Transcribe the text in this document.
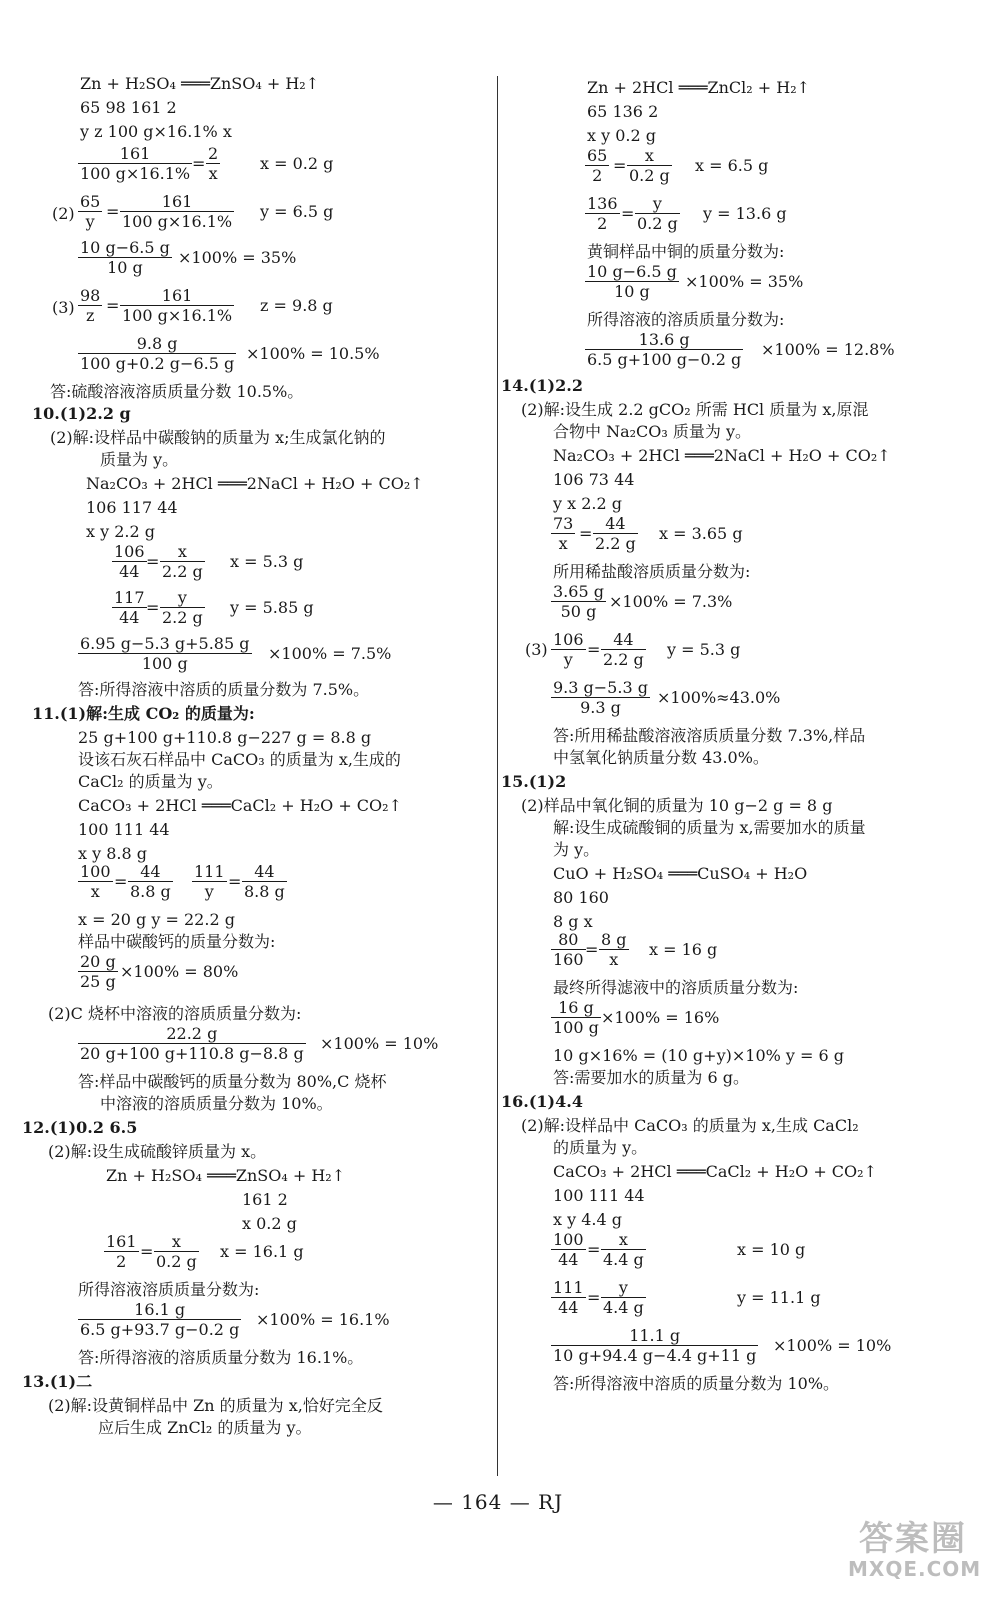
Zn + H₂SO₄ ═══ZnSO₄ + H₂↑
65 98 161 2
y z 100 g×16.1% x
$\frac{161}{100 g\times 16.1\%} = \frac{2}{x}$ x = 0.2 g
$(2) \frac{65}{y} = \frac{161}{100 g\times 16.1\%}$ y = 6.5 g
$\frac{10 g-6.5 g}{10 g} \times 100\% = 35\%$
$(3) \frac{98}{z} = \frac{161}{100 g\times 16.1\%}$ z = 9.8 g
$\frac{9.8 g}{100 g+0.2 g-6.5 g} \times 100\% = 10.5\%$
答:硫酸溶液溶质质量分数 10.5%。
10.(1)2.2 g
(2)解:设样品中碳酸钠的质量为 x;生成氯化钠的
质量为 y。
Na₂CO₃ + 2HCl ═══2NaCl + H₂O + CO₂↑
106 117 44
x y 2.2 g
$\frac{106}{44} = \frac{x}{2.2 g}$ x = 5.3 g
$\frac{117}{44} = \frac{y}{2.2 g}$ y = 5.85 g
$\frac{6.95 g-5.3 g+5.85 g}{100 g} \times 100\% = 7.5\%$
答:所得溶液中溶质的质量分数为 7.5%。
11.(1)解:生成 CO₂ 的质量为:
25 g+100 g+110.8 g−227 g = 8.8 g
设该石灰石样品中 CaCO₃ 的质量为 x,生成的
CaCl₂ 的质量为 y。
CaCO₃ + 2HCl ═══CaCl₂ + H₂O + CO₂↑
100 111 44
x y 8.8 g
$\frac{100}{x} = \frac{44}{8.8 g} \frac{111}{y} = \frac{44}{8.8 g}$
x = 20 g y = 22.2 g
样品中碳酸钙的质量分数为:
$\frac{20 g}{25 g} \times 100\% = 80\%$
(2)C 烧杯中溶液的溶质质量分数为:
$\frac{22.2 g}{20 g+100 g+110.8 g-8.8 g} \times 100\% = 10\%$
答:样品中碳酸钙的质量分数为 80%,C 烧杯
中溶液的溶质质量分数为 10%。
12.(1)0.2 6.5
(2)解:设生成硫酸锌质量为 x。
Zn + H₂SO₄ ═══ZnSO₄ + H₂↑
161 2
x 0.2 g
$\frac{161}{2} = \frac{x}{0.2 g}$ x = 16.1 g
所得溶液溶质质量分数为:
$\frac{16.1 g}{6.5 g+93.7 g-0.2 g} \times 100\% = 16.1\%$
答:所得溶液的溶质质量分数为 16.1%。
13.(1)二
(2)解:设黄铜样品中 Zn 的质量为 x,恰好完全反
应后生成 ZnCl₂ 的质量为 y。
Zn + 2HCl ═══ZnCl₂ + H₂↑
65 136 2
x y 0.2 g
$\frac{65}{2} = \frac{x}{0.2 g}$ x = 6.5 g
$\frac{136}{2} = \frac{y}{0.2 g}$ y = 13.6 g
黄铜样品中铜的质量分数为:
$\frac{10 g-6.5 g}{10 g} \times 100\% = 35\%$
所得溶液的溶质质量分数为:
$\frac{13.6 g}{6.5 g+100 g-0.2 g} \times 100\% = 12.8\%$
14.(1)2.2
(2)解:设生成 2.2 gCO₂ 所需 HCl 质量为 x,原混
合物中 Na₂CO₃ 质量为 y。
Na₂CO₃ + 2HCl ═══2NaCl + H₂O + CO₂↑
106 73 44
y x 2.2 g
$\frac{73}{x} = \frac{44}{2.2 g}$ x = 3.65 g
所用稀盐酸溶质质量分数为:
$\frac{3.65 g}{50 g} \times 100\% = 7.3\%$
$(3) \frac{106}{y} = \frac{44}{2.2 g}$ y = 5.3 g
$\frac{9.3 g-5.3 g}{9.3 g} \times 100\%\approx 43.0\%$
答:所用稀盐酸溶液溶质质量分数 7.3%,样品
中氢氧化钠质量分数 43.0%。
15.(1)2
(2)样品中氧化铜的质量为 10 g−2 g = 8 g
解:设生成硫酸铜的质量为 x,需要加水的质量
为 y。
CuO + H₂SO₄ ═══CuSO₄ + H₂O
80 160
8 g x
$\frac{80}{160} = \frac{8 g}{x}$ x = 16 g
最终所得滤液中的溶质质量分数为:
$\frac{16 g}{100 g} \times 100\% = 16\%$
10 g×16% = (10 g+y)×10% y = 6 g
答:需要加水的质量为 6 g。
16.(1)4.4
(2)解:设样品中 CaCO₃ 的质量为 x,生成 CaCl₂
的质量为 y。
CaCO₃ + 2HCl ═══CaCl₂ + H₂O + CO₂↑
100 111 44
x y 4.4 g
$\frac{100}{44} = \frac{x}{4.4 g}$	x = 10 g
$\frac{111}{44} = \frac{y}{4.4 g}$	y = 11.1 g
$\frac{11.1 g}{10 g+94.4 g-4.4 g+11 g} \times 100\% = 10\%$
答:所得溶液中溶质的质量分数为 10%。
— 164 — RJ
答案圈
MXQE.COM
